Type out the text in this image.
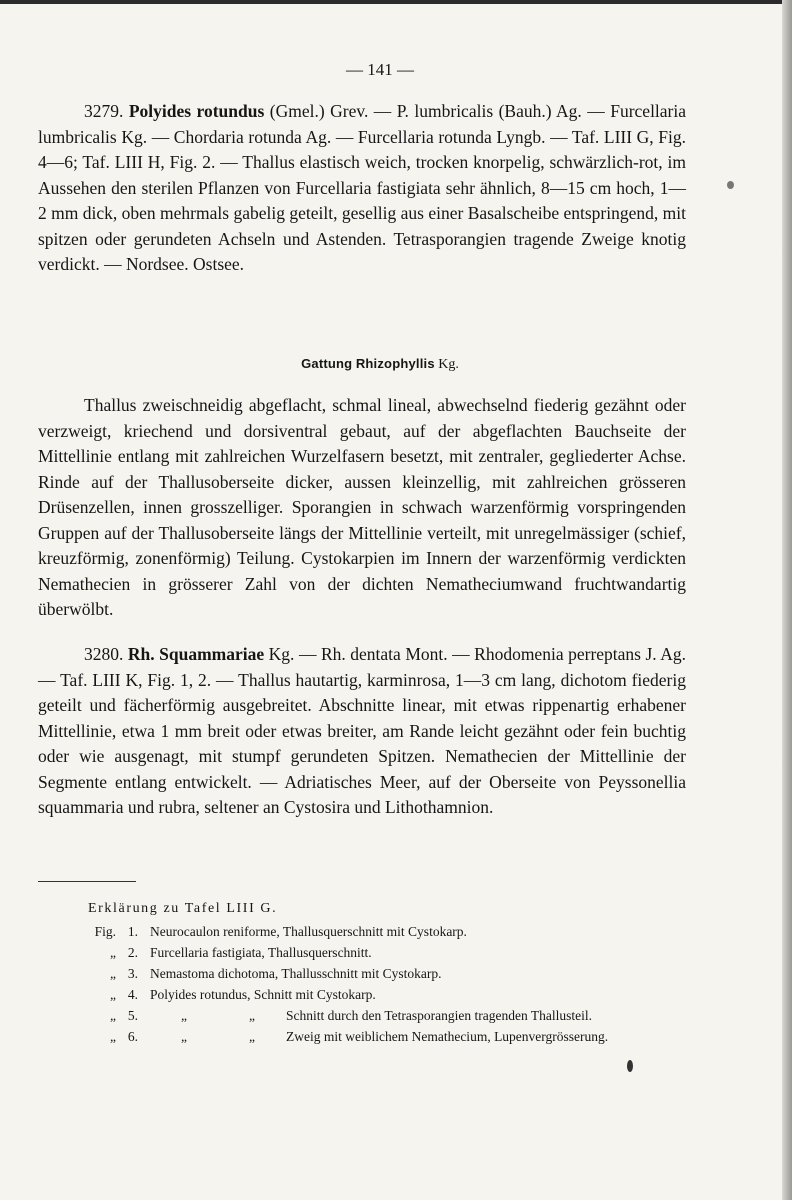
— 141 —

3279. Polyides rotundus (Gmel.) Grev. — P. lumbricalis (Bauh.) Ag. — Furcellaria lumbricalis Kg. — Chordaria rotunda Ag. — Furcellaria rotunda Lyngb. — Taf. LIII G, Fig. 4—6; Taf. LIII H, Fig. 2. — Thallus elastisch weich, trocken knorpelig, schwärzlich-rot, im Aussehen den sterilen Pflanzen von Furcellaria fastigiata sehr ähnlich, 8—15 cm hoch, 1—2 mm dick, oben mehrmals gabelig geteilt, gesellig aus einer Basalscheibe entspringend, mit spitzen oder gerundeten Achseln und Astenden. Tetrasporangien tragende Zweige knotig verdickt. — Nordsee. Ostsee.

Gattung Rhizophyllis Kg.

Thallus zweischneidig abgeflacht, schmal lineal, abwechselnd fiederig gezähnt oder verzweigt, kriechend und dorsiventral gebaut, auf der abgeflachten Bauchseite der Mittellinie entlang mit zahlreichen Wurzelfasern besetzt, mit zentraler, gegliederter Achse. Rinde auf der Thallusoberseite dicker, aussen kleinzellig, mit zahlreichen grösseren Drüsenzellen, innen grosszelliger. Sporangien in schwach warzenförmig vorspringenden Gruppen auf der Thallusoberseite längs der Mittellinie verteilt, mit unregelmässiger (schief, kreuzförmig, zonenförmig) Teilung. Cystokarpien im Innern der warzenförmig verdickten Nemathecien in grösserer Zahl von der dichten Nematheciumwand fruchtwandartig überwölbt.

3280. Rh. Squammariae Kg. — Rh. dentata Mont. — Rhodomenia perreptans J. Ag. — Taf. LIII K, Fig. 1, 2. — Thallus hautartig, karminrosa, 1—3 cm lang, dichotom fiederig geteilt und fächerförmig ausgebreitet. Abschnitte linear, mit etwas rippenartig erhabener Mittellinie, etwa 1 mm breit oder etwas breiter, am Rande leicht gezähnt oder fein buchtig oder wie ausgenagt, mit stumpf gerundeten Spitzen. Nemathecien der Mittellinie der Segmente entlang entwickelt. — Adriatisches Meer, auf der Oberseite von Peyssonellia squammaria und rubra, seltener an Cystosira und Lithothamnion.

Erklärung zu Tafel LIII G.
Fig. 1. Neurocaulon reniforme, Thallusquerschnitt mit Cystokarp.
„ 2. Furcellaria fastigiata, Thallusquerschnitt.
„ 3. Nemastoma dichotoma, Thallusschnitt mit Cystokarp.
„ 4. Polyides rotundus, Schnitt mit Cystokarp.
„ 5.	„	„	Schnitt durch den Tetrasporangien tragenden Thallusteil.
„ 6.	„	„	Zweig mit weiblichem Nemathecium, Lupenvergrösserung.
